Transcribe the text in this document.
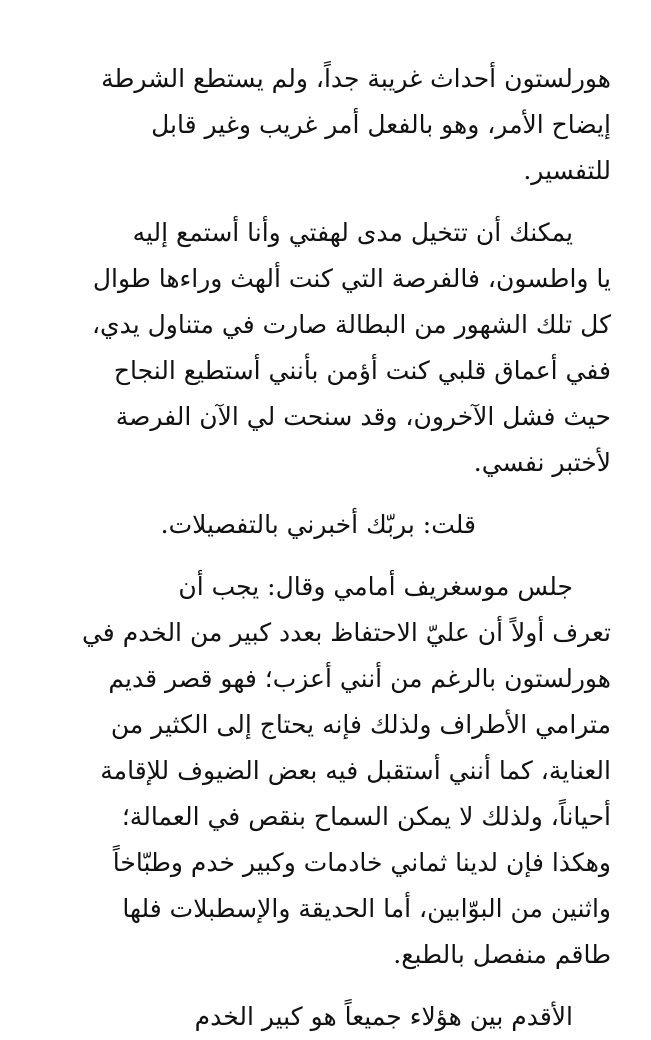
هورلستون أحداث غريبة جداً، ولم يستطع الشرطة
إيضاح الأمر، وهو بالفعل أمر غريب وغير قابل
للتفسير.
يمكنك أن تتخيل مدى لهفتي وأنا أستمع إليه
يا واطسون، فالفرصة التي كنت ألهث وراءها طوال
كل تلك الشهور من البطالة صارت في متناول يدي،
ففي أعماق قلبي كنت أؤمن بأنني أستطيع النجاح
حيث فشل الآخرون، وقد سنحت لي الآن الفرصة
لأختبر نفسي.
قلت: بربّك أخبرني بالتفصيلات.
جلس موسغريف أمامي وقال: يجب أن
تعرف أولاً أن عليّ الاحتفاظ بعدد كبير من الخدم في
هورلستون بالرغم من أنني أعزب؛ فهو قصر قديم
مترامي الأطراف ولذلك فإنه يحتاج إلى الكثير من
العناية، كما أنني أستقبل فيه بعض الضيوف للإقامة
أحياناً، ولذلك لا يمكن السماح بنقص في العمالة؛
وهكذا فإن لدينا ثماني خادمات وكبير خدم وطبّاخاً
واثنين من البوّابين، أما الحديقة والإسطبلات فلها
طاقم منفصل بالطبع.
الأقدم بين هؤلاء جميعاً هو كبير الخدم
